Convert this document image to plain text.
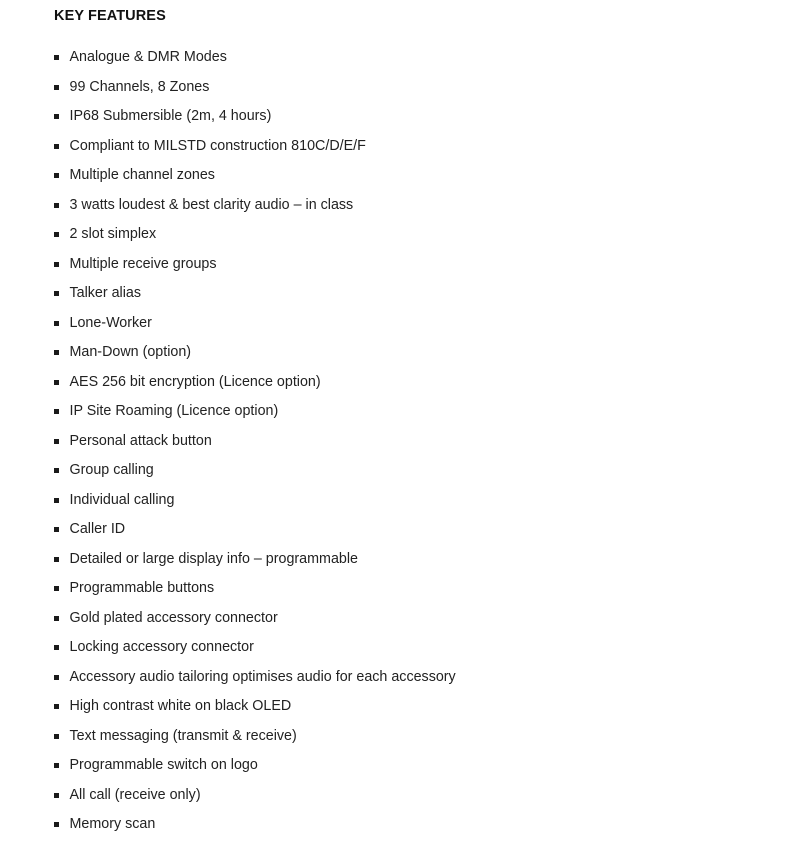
KEY FEATURES
Analogue & DMR Modes
99 Channels, 8 Zones
IP68 Submersible (2m, 4 hours)
Compliant to MILSTD construction 810C/D/E/F
Multiple channel zones
3 watts loudest & best clarity audio – in class
2 slot simplex
Multiple receive groups
Talker alias
Lone-Worker
Man-Down (option)
AES 256 bit encryption (Licence option)
IP Site Roaming (Licence option)
Personal attack button
Group calling
Individual calling
Caller ID
Detailed or large display info – programmable
Programmable buttons
Gold plated accessory connector
Locking accessory connector
Accessory audio tailoring optimises audio for each accessory
High contrast white on black OLED
Text messaging (transmit & receive)
Programmable switch on logo
All call (receive only)
Memory scan
